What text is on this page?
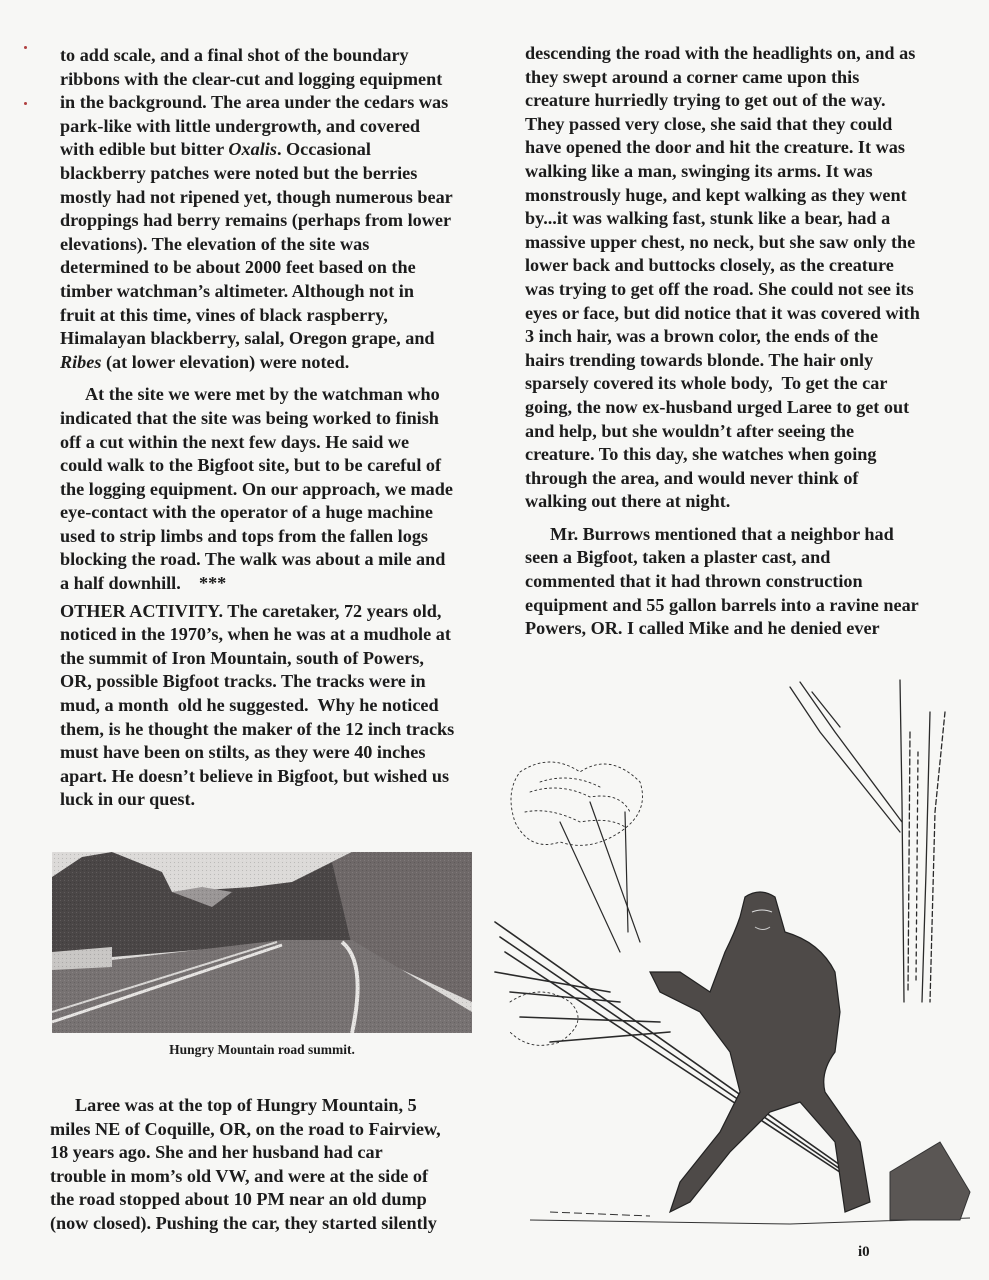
to add scale, and a final shot of the boundary
ribbons with the clear-cut and logging equipment
in the background. The area under the cedars was
park-like with little undergrowth, and covered
with edible but bitter Oxalis. Occasional
blackberry patches were noted but the berries
mostly had not ripened yet, though numerous bear
droppings had berry remains (perhaps from lower
elevations). The elevation of the site was
determined to be about 2000 feet based on the
timber watchman’s altimeter. Although not in
fruit at this time, vines of black raspberry,
Himalayan blackberry, salal, Oregon grape, and
Ribes (at lower elevation) were noted.

At the site we were met by the watchman who
indicated that the site was being worked to finish
off a cut within the next few days. He said we
could walk to the Bigfoot site, but to be careful of
the logging equipment. On our approach, we made
eye-contact with the operator of a huge machine
used to strip limbs and tops from the fallen logs
blocking the road. The walk was about a mile and
a half downhill.    ***

OTHER ACTIVITY. The caretaker, 72 years old,
noticed in the 1970’s, when he was at a mudhole at
the summit of Iron Mountain, south of Powers,
OR, possible Bigfoot tracks. The tracks were in
mud, a month  old he suggested.  Why he noticed
them, is he thought the maker of the 12 inch tracks
must have been on stilts, as they were 40 inches
apart. He doesn’t believe in Bigfoot, but wished us
luck in our quest.

Hungry Mountain road summit.

Laree was at the top of Hungry Mountain, 5
miles NE of Coquille, OR, on the road to Fairview,
18 years ago. She and her husband had car
trouble in mom’s old VW, and were at the side of
the road stopped about 10 PM near an old dump
(now closed). Pushing the car, they started silently

descending the road with the headlights on, and as
they swept around a corner came upon this
creature hurriedly trying to get out of the way.
They passed very close, she said that they could
have opened the door and hit the creature. It was
walking like a man, swinging its arms. It was
monstrously huge, and kept walking as they went
by...it was walking fast, stunk like a bear, had a
massive upper chest, no neck, but she saw only the
lower back and buttocks closely, as the creature
was trying to get off the road. She could not see its
eyes or face, but did notice that it was covered with
3 inch hair, was a brown color, the ends of the
hairs trending towards blonde. The hair only
sparsely covered its whole body,  To get the car
going, the now ex-husband urged Laree to get out
and help, but she wouldn’t after seeing the
creature. To this day, she watches when going
through the area, and would never think of
walking out there at night.

Mr. Burrows mentioned that a neighbor had
seen a Bigfoot, taken a plaster cast, and
commented that it had thrown construction
equipment and 55 gallon barrels into a ravine near
Powers, OR. I called Mike and he denied ever

i0
